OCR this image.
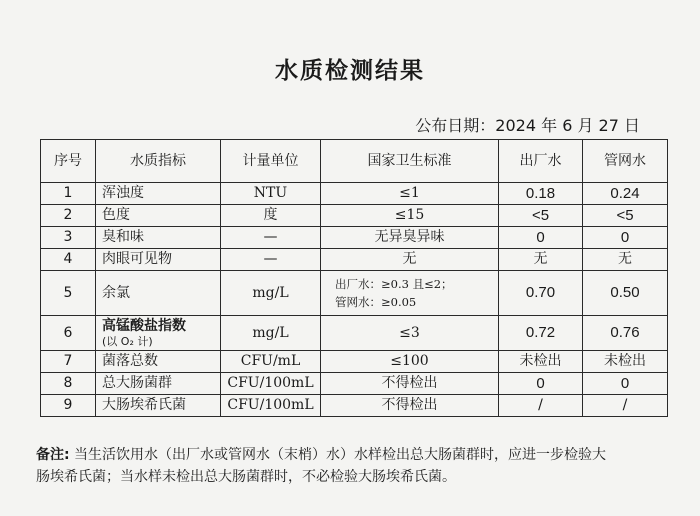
水质检测结果
公布日期：2024 年 6 月 27 日
序号	水质指标	计量单位	国家卫生标准	出厂水	管网水
1	浑浊度	NTU	≤1	0.18	0.24
2	色度	度	≤15	<5	<5
3	臭和味	—	无异臭异味	0	0
4	肉眼可见物	—	无	无	无
5	余氯	mg/L	出厂水：≥0.3 且≤2；
管网水：≥0.05	0.70	0.50
6	高锰酸盐指数
(以 O₂ 计)	mg/L	≤3	0.72	0.76
7	菌落总数	CFU/mL	≤100	未检出	未检出
8	总大肠菌群	CFU/100mL	不得检出	0	0
9	大肠埃希氏菌	CFU/100mL	不得检出	/	/
备注: 当生活饮用水（出厂水或管网水（末梢）水）水样检出总大肠菌群时，应进一步检验大
肠埃希氏菌；当水样未检出总大肠菌群时，不必检验大肠埃希氏菌。
